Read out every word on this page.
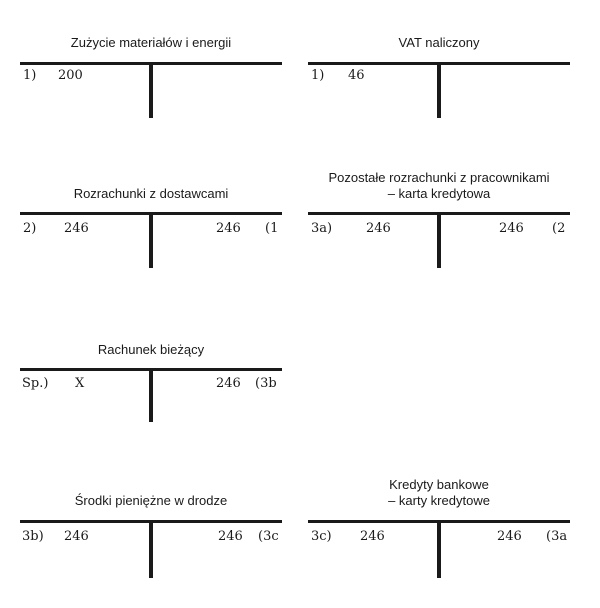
Zużycie materiałów i energii
1) 200
VAT naliczony
1) 46
Rozrachunki z dostawcami
2) 246	246 (1
Pozostałe rozrachunki z pracownikami
– karta kredytowa
3a)	246	246 (2
Rachunek bieżący
Sp.) X	246 (3b
Środki pieniężne w drodze
3b) 246	246 (3c
Kredyty bankowe
– karty kredytowe
3c) 246	246 (3a
